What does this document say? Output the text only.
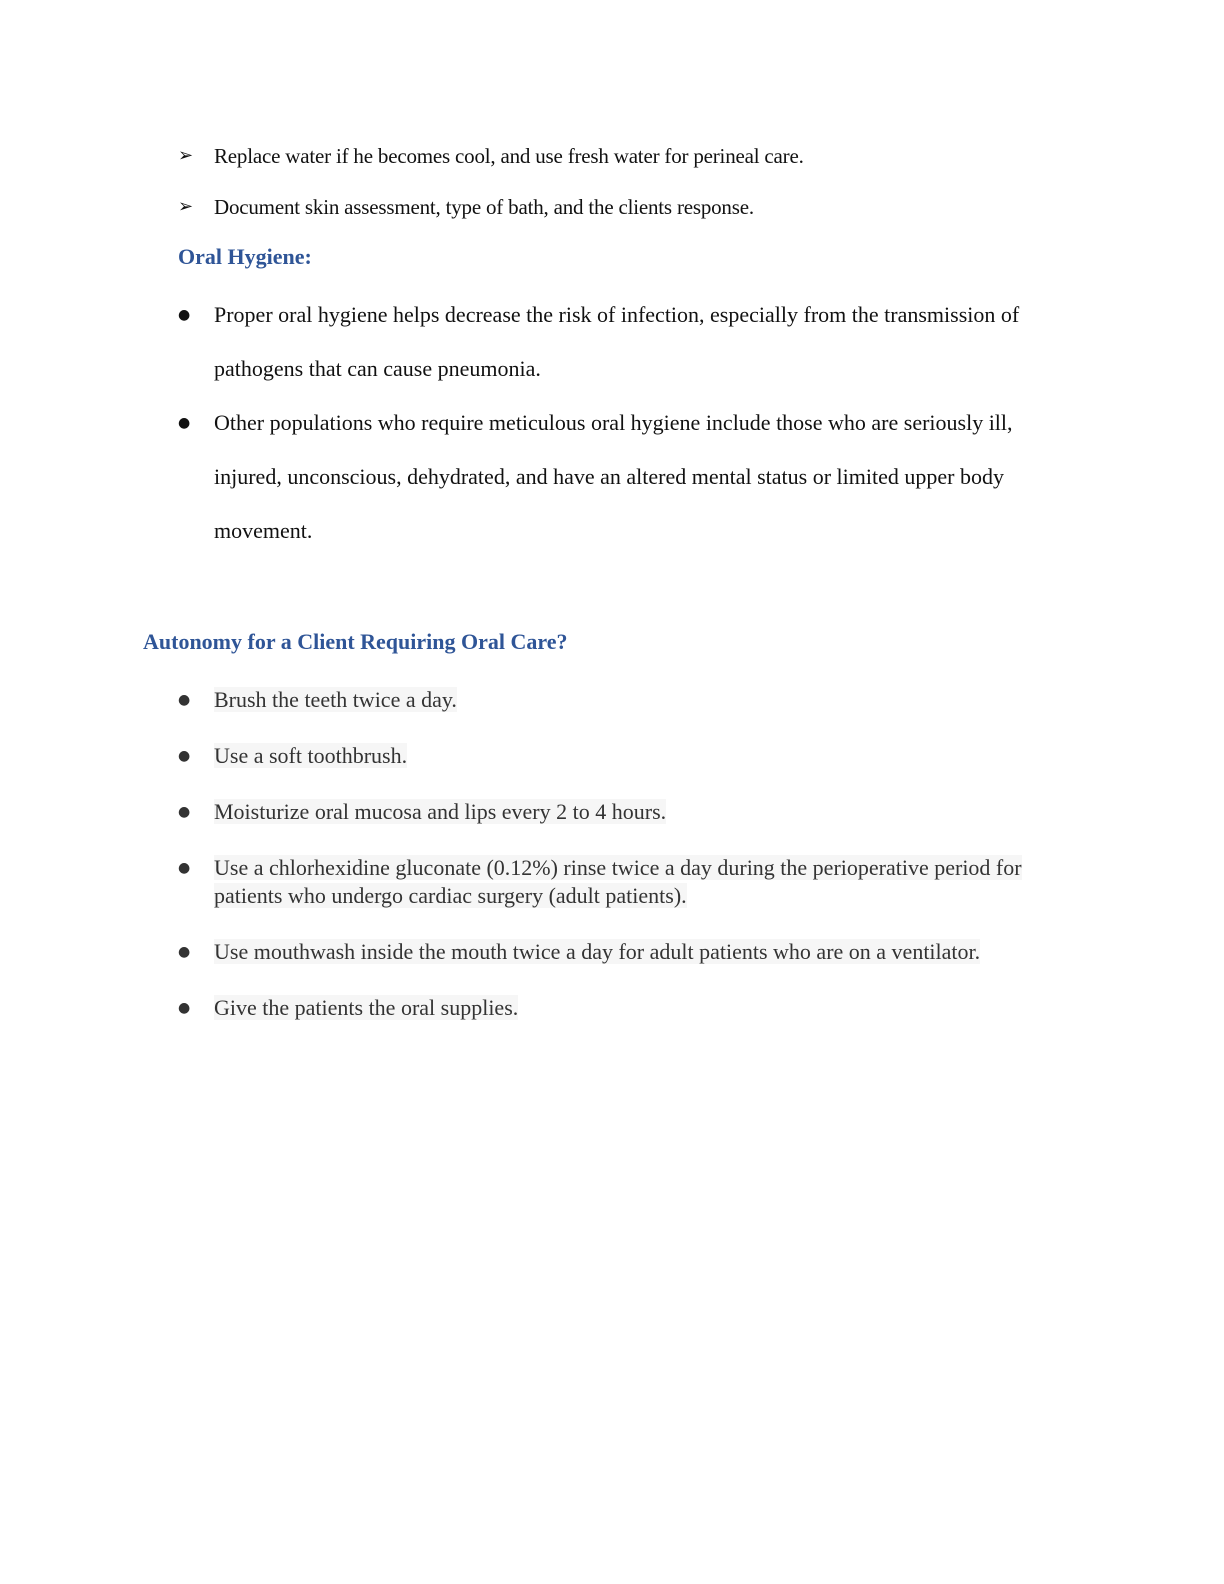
➢ Replace water if he becomes cool, and use fresh water for perineal care.
➢ Document skin assessment, type of bath, and the clients response.
Oral Hygiene:
● Proper oral hygiene helps decrease the risk of infection, especially from the transmission of pathogens that can cause pneumonia.
● Other populations who require meticulous oral hygiene include those who are seriously ill, injured, unconscious, dehydrated, and have an altered mental status or limited upper body movement.
Autonomy for a Client Requiring Oral Care?
● Brush the teeth twice a day.
● Use a soft toothbrush.
● Moisturize oral mucosa and lips every 2 to 4 hours.
● Use a chlorhexidine gluconate (0.12%) rinse twice a day during the perioperative period for patients who undergo cardiac surgery (adult patients).
● Use mouthwash inside the mouth twice a day for adult patients who are on a ventilator.
● Give the patients the oral supplies.
